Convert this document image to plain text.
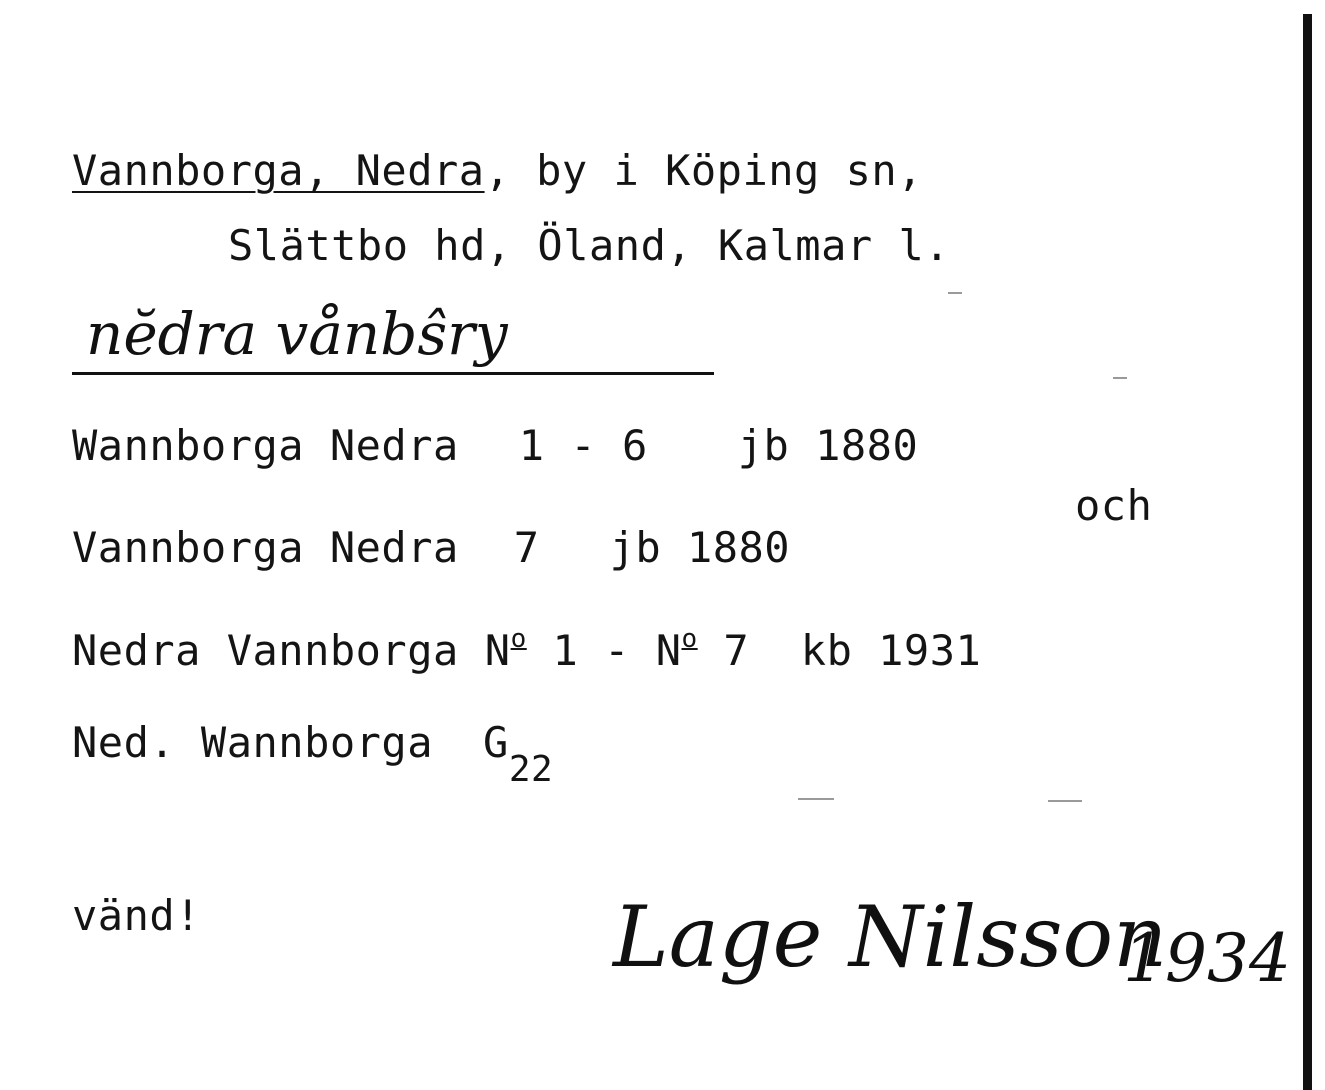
Vannborga, Nedra, by i Köping sn,
Slättbo hd, Öland, Kalmar l.
nĕdra vånbŝry
Wannborga Nedra 1 - 6 jb 1880
och
Vannborga Nedra 7 jb 1880
Nedra Vannborga $N^o$ $1 - N^o$ 7  kb 1931
Ned. Wannborga G22
vänd!	Lage Nilsson
1934
